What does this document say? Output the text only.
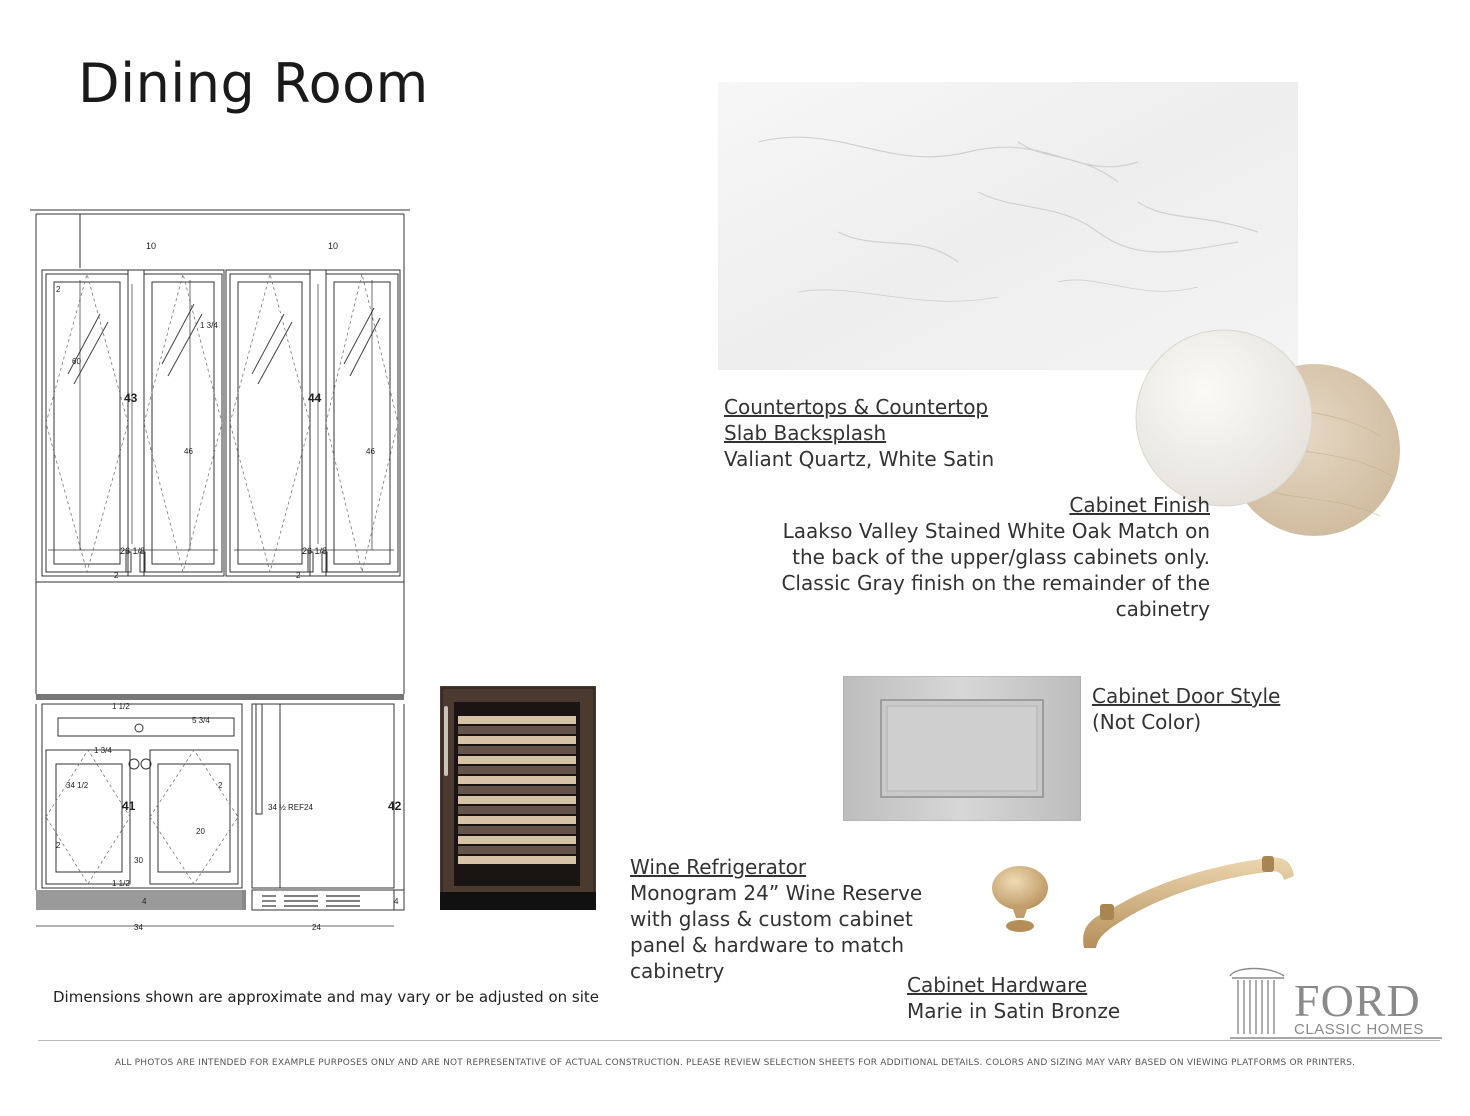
Dining Room
10	10
2
60
1 3/4
43	44
46	46
26 1/8	26 1/8
2	2
1 1/2
5 3/4
1 3/4
34 1/2	2
41
20
2
30
1 1/2
4	4
34 ½ REF24	42
34	24
Countertops & Countertop
Slab Backsplash
Valiant Quartz, White Satin
Cabinet Finish
Laakso Valley Stained White Oak Match on
the back of the upper/glass cabinets only.
Classic Gray finish on the remainder of the
cabinetry
Cabinet Door Style
(Not Color)
Wine Refrigerator
Monogram 24” Wine Reserve
with glass & custom cabinet
panel & hardware to match
cabinetry
Cabinet Hardware
Marie in Satin Bronze
Dimensions shown are approximate and may vary or be adjusted on site	FORD
CLASSIC HOMES
ALL PHOTOS ARE INTENDED FOR EXAMPLE PURPOSES ONLY AND ARE NOT REPRESENTATIVE OF ACTUAL CONSTRUCTION. PLEASE REVIEW SELECTION SHEETS FOR ADDITIONAL DETAILS. COLORS AND SIZING MAY VARY BASED ON VIEWING PLATFORMS OR PRINTERS.
